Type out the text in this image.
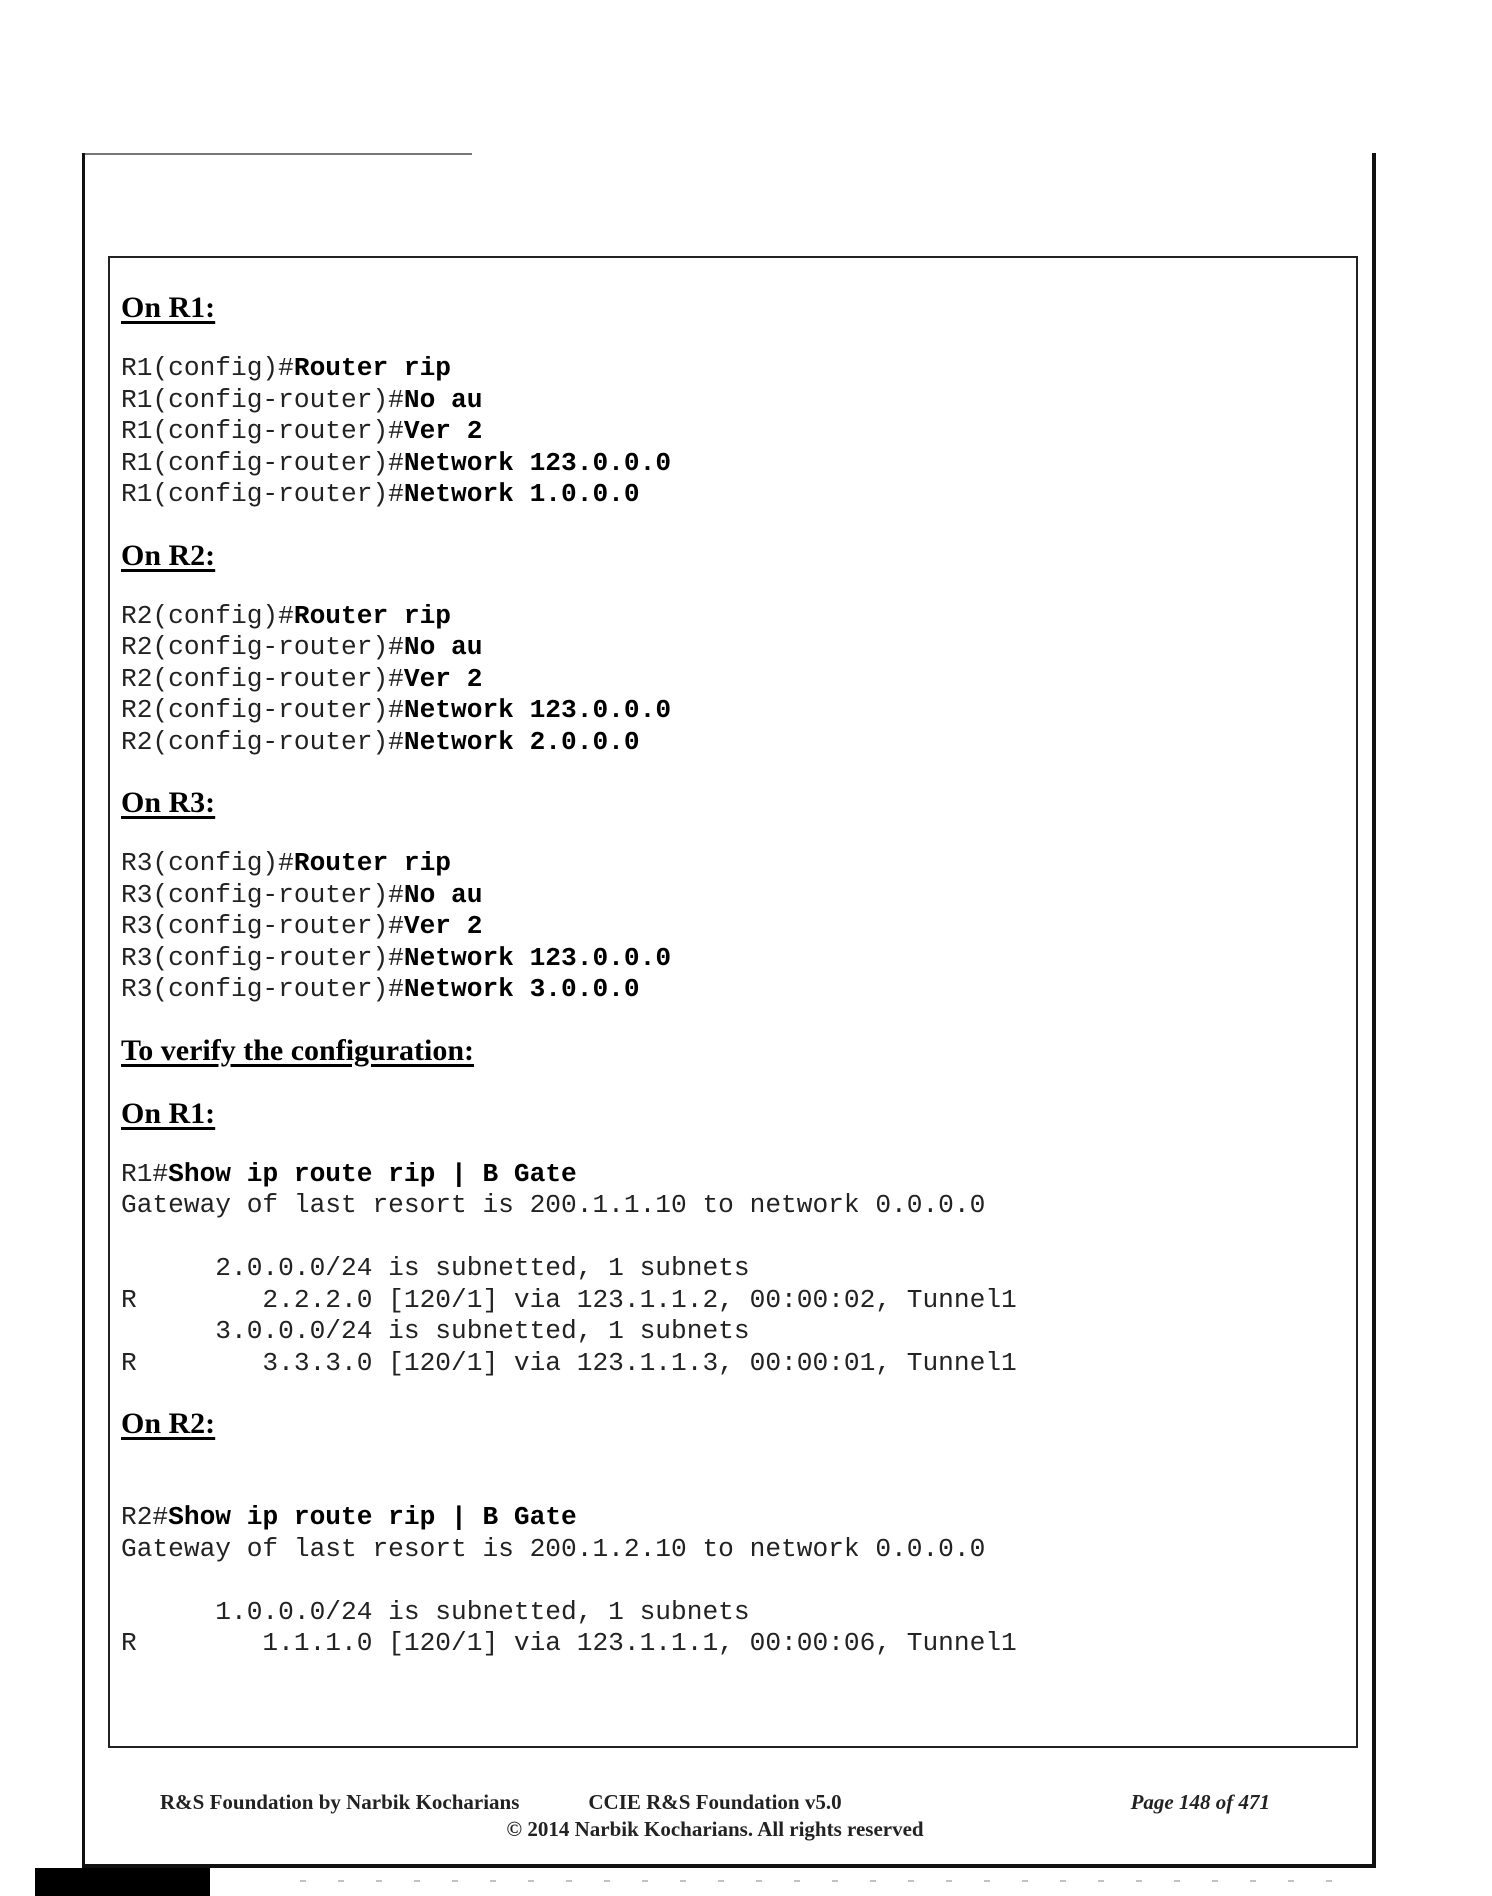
On R1:
R1(config)#Router rip
R1(config-router)#No au
R1(config-router)#Ver 2
R1(config-router)#Network 123.0.0.0
R1(config-router)#Network 1.0.0.0
On R2:
R2(config)#Router rip
R2(config-router)#No au
R2(config-router)#Ver 2
R2(config-router)#Network 123.0.0.0
R2(config-router)#Network 2.0.0.0
On R3:
R3(config)#Router rip
R3(config-router)#No au
R3(config-router)#Ver 2
R3(config-router)#Network 123.0.0.0
R3(config-router)#Network 3.0.0.0
To verify the configuration:
On R1:
R1#Show ip route rip | B Gate
Gateway of last resort is 200.1.1.10 to network 0.0.0.0

2.0.0.0/24 is subnetted, 1 subnets
R        2.2.2.0 [120/1] via 123.1.1.2, 00:00:02, Tunnel1
3.0.0.0/24 is subnetted, 1 subnets
R        3.3.3.0 [120/1] via 123.1.1.3, 00:00:01, Tunnel1
On R2:
R2#Show ip route rip | B Gate
Gateway of last resort is 200.1.2.10 to network 0.0.0.0

1.0.0.0/24 is subnetted, 1 subnets
R        1.1.1.0 [120/1] via 123.1.1.1, 00:00:06, Tunnel1
R&S Foundation by Narbik Kocharians	CCIE R&S Foundation v5.0	Page 148 of 471
© 2014 Narbik Kocharians. All rights reserved
